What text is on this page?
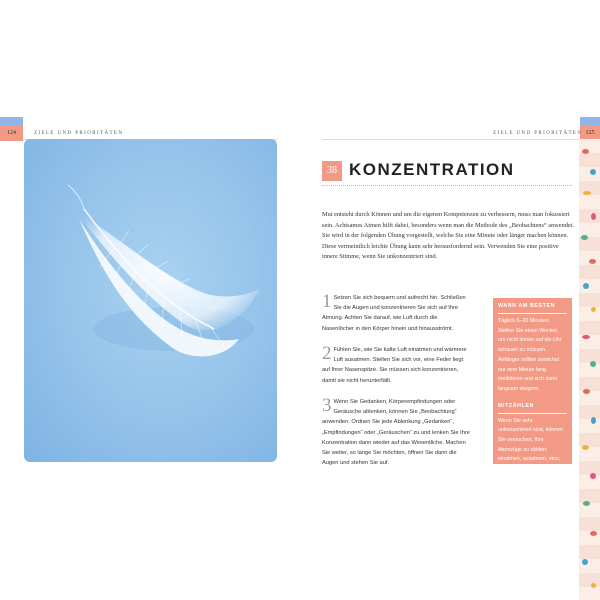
124	125
ZIELE UND PRIORITÄTEN	ZIELE UND PRIORITÄTEN
38 KONZENTRATION
Mut entsteht durch Können und um die eigenen Kompetenzen zu verbessern, muss man fokussiert sein. Achtsames Atmen hilft dabei, besonders wenn man die Methode des „Beobachtens“ anwendet. Sie wird in der folgenden Übung vorgestellt, welche Sie eine Minute oder länger machen können. Diese vermeintlich leichte Übung kann sehr herausfordernd sein. Verwenden Sie eine positive innere Stimme, wenn Sie unkonzentriert sind.
1 Setzen Sie sich bequem und aufrecht hin. Schließen Sie die Augen und konzentrieren Sie sich auf Ihre Atmung. Achten Sie darauf, wie Luft durch die Nasenlöcher in den Körper hinein und hinausströmt.
2 Fühlen Sie, wie Sie kalte Luft einatmen und wärmere Luft ausatmen. Stellen Sie sich vor, eine Feder liegt auf Ihrer Nasenspitze. Sie müssen sich konzentrieren, damit sie nicht herunterfällt.
3 Wenn Sie Gedanken, Körperempfindungen oder Geräusche ablenken, können Sie „Beobachtung“ anwenden. Ordnen Sie jede Ablenkung „Gedanken“, „Empfindungen“ oder „Geräuschen“ zu und lenken Sie Ihre Konzentration dann wieder auf das Wesentliche. Machen Sie weiter, so lange Sie möchten, öffnen Sie dann die Augen und stehen Sie auf.
WANN AM BESTEN
Täglich 5–20 Minuten. Stellen Sie einen Wecker, um nicht immer auf die Uhr schauen zu müssen. Anfänger sollten zunächst nur eine Minute lang meditieren und sich dann langsam steigern.
MITZÄHLEN
Wenn Sie sehr unkonzentriert sind, können Sie versuchen, Ihre Atemzüge zu zählen: einatmen, ausatmen, eins; einatmen, ausatmen, zwei . . . und so weiter.
